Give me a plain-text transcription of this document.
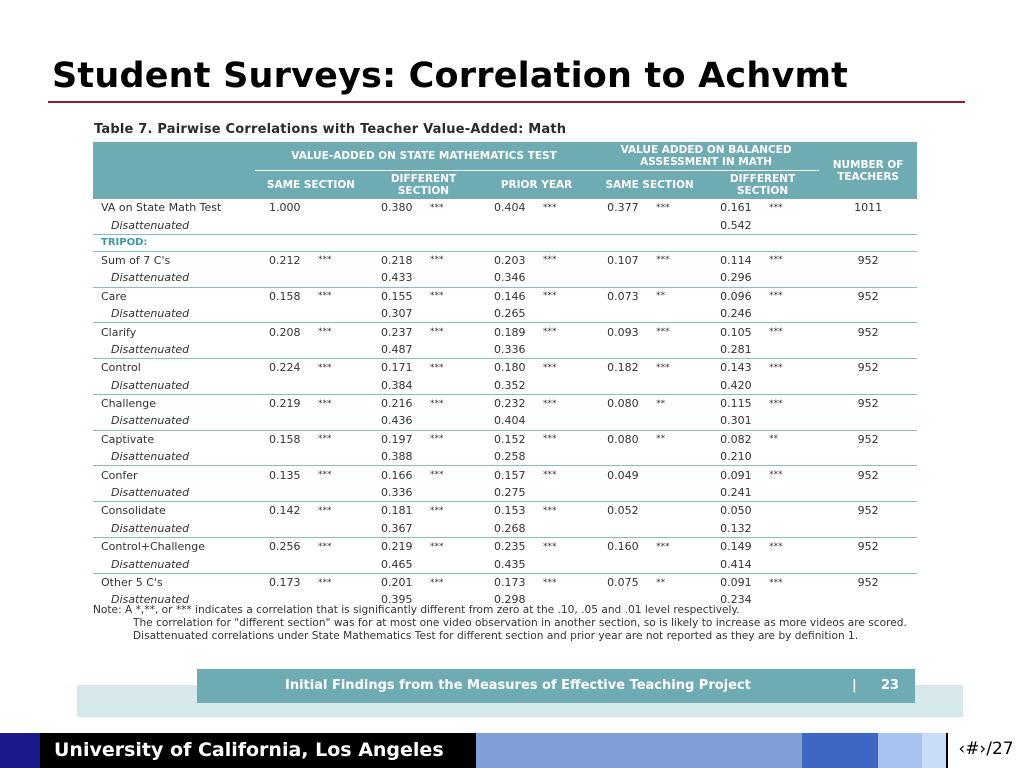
Student Surveys: Correlation to Achvmt
Table 7. Pairwise Correlations with Teacher Value-Added: Math
	VALUE-ADDED ON STATE MATHEMATICS TEST						VALUE ADDED ON BALANCED ASSESSMENT IN MATH				NUMBER OF TEACHERS
	SAME SECTION		DIFFERENT SECTION		PRIOR YEAR		SAME SECTION		DIFFERENT SECTION		
VA on State Math Test	1.000		0.380	***	0.404	***	0.377	***	0.161	***	1011
Disattenuated									0.542		
TRIPOD:											
Sum of 7 C's	0.212	***	0.218	***	0.203	***	0.107	***	0.114	***	952
Disattenuated			0.433		0.346				0.296		
Care	0.158	***	0.155	***	0.146	***	0.073	**	0.096	***	952
Disattenuated			0.307		0.265				0.246		
Clarify	0.208	***	0.237	***	0.189	***	0.093	***	0.105	***	952
Disattenuated			0.487		0.336				0.281		
Control	0.224	***	0.171	***	0.180	***	0.182	***	0.143	***	952
Disattenuated			0.384		0.352				0.420		
Challenge	0.219	***	0.216	***	0.232	***	0.080	**	0.115	***	952
Disattenuated			0.436		0.404				0.301		
Captivate	0.158	***	0.197	***	0.152	***	0.080	**	0.082	**	952
Disattenuated			0.388		0.258				0.210		
Confer	0.135	***	0.166	***	0.157	***	0.049		0.091	***	952
Disattenuated			0.336		0.275				0.241		
Consolidate	0.142	***	0.181	***	0.153	***	0.052		0.050		952
Disattenuated			0.367		0.268				0.132		
Control+Challenge	0.256	***	0.219	***	0.235	***	0.160	***	0.149	***	952
Disattenuated			0.465		0.435				0.414		
Other 5 C's	0.173	***	0.201	***	0.173	***	0.075	**	0.091	***	952
Disattenuated			0.395		0.298				0.234		

Note: A *,**, or *** indicates a correlation that is significantly different from zero at the .10, .05 and .01 level respectively.

The correlation for "different section" was for at most one video observation in another section, so is likely to increase as more videos are scored. Disattenuated correlations under State Mathematics Test for different section and prior year are not reported as they are by definition 1.

Initial Findings from the Measures of Effective Teaching Project	| 23
University of California, Los Angeles	‹#›/27
